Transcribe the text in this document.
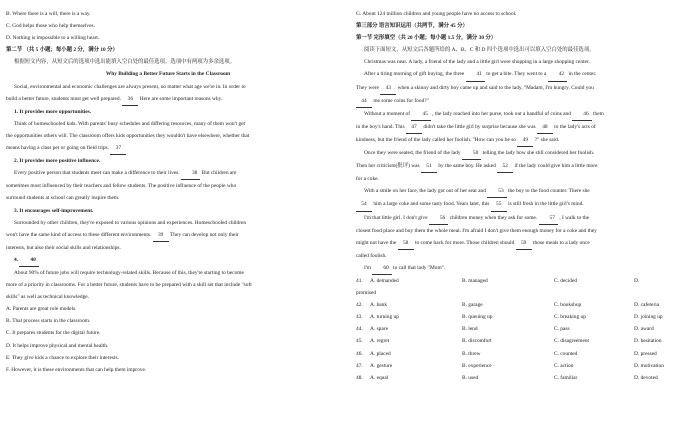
B. Where there is a will, there is a way.

C. God helps those who help themselves.

D. Nothing is impossible to a willing heart.

第二节 （共 5 小题；每小题 2 分，满分 10 分）

根据短文内容，从短文后的选项中选出能填入空白处的最佳选项。选项中有两项为多余选项。

Why Building a Better Future Starts in the Classroom

Social, environmental and economic challenges are always present, no matter what age we're in. In order to

build a better future, students must get well prepared. 36 Here are some important reasons why.

1. It provides more opportunities.

Think of homeschooled kids. With parents' busy schedules and differing resources, many of them won't get

the opportunities others will. The classroom offers kids opportunities they wouldn't have elsewhere, whether that

means having a class pet or going on field trips. 37

2. It provides more positive influence.

Every positive person that students meet can make a difference to their lives. 38 But children are

sometimes most influenced by their teachers and fellow students. The positive influence of the people who

surround students at school can greatly inspire them.

3. It encourages self-improvement.

Surrounded by other children, they're exposed to various opinions and experiences. Homeschooled children

won't have the same kind of access to these different environments. 39 They can develop not only their

interests, but also their social skills and relationships.

4. 40

About 90% of future jobs will require technology-related skills. Because of this, they're starting to become

more of a priority in classrooms. For a better future, students have to be prepared with a skill set that include "soft

skills" as well as technical knowledge.

A. Parents are great role models.

B. That process starts in the classroom.

C. It prepares students for the digital future.

D. It helps improve physical and mental health.

E. They give kids a chance to explore their interests.

F. However, it is these environments that can help them improve.

G. About 124 million children and young people have no access to school.

第三部分 语言知识运用（共两节，满分 45 分）

第一节 完形填空（共 20 小题；每小题 1.5 分，满分 30 分）

阅读下面短文，从短文后各题所给的 A、B、C 和 D 四个选项中选出可以填入空白处的最佳选项。

Christmas was near. A lady, a friend of the lady and a little girl were shopping in a large shopping center.

After a tiring morning of gift buying, the three 41 to get a bite. They went to a 42 in the center.

They were 43 when a skinny and dirty boy came up and said to the lady, "Madam, I'm hungry. Could you

44 me some coins for food?"

Without a moment of 45 , the lady reached into her purse, took out a handful of coins and 46 them

in the boy's hand. This 47 didn't take the little girl by surprise because she was 48 to the lady's acts of

kindness, but the friend of the lady called her foolish. "How can you be so 49 ?" she said.

Once they were seated, the friend of the lady 50 telling the lady how she still considered her foolish.

Then her criticism(批评) was 51 by the same boy. He asked 52 if the lady could give him a little more

for a coke.

With a smile on her face, the lady got out of her seat and 53 the boy to the food counter. There she

54 him a large coke and some tasty food. Years later, this 55 is still fresh in the little girl's mind.

I'm that little girl. I don't give 56 children money when they ask for some. 57 , I walk to the

closest food place and buy them the whole meal. I'm afraid I don't give them enough money for a coke and they

might not have the 58 to come back for more. Those children should 59 those meals to a lady once

called foolish.

I'm 60 to call that lady "Mom".

41.	A. demanded	B. managed	C. decided	D.

promised

42.	A. bank	B. garage	C. bookshop	D. cafeteria
43.	A. turning up	B. queuing up	C. breaking up	D. joining up
44.	A. spare	B. lend	C. pass	D. award
45.	A. regret	B. discomfort	C. disagreement	D. hesitation
46.	A. placed	B. threw	C. counted	D. pressed
47.	A. gesture	B. experience	C. action	D. motivation
48.	A. equal	B. used	C. familiar	D. devoted
